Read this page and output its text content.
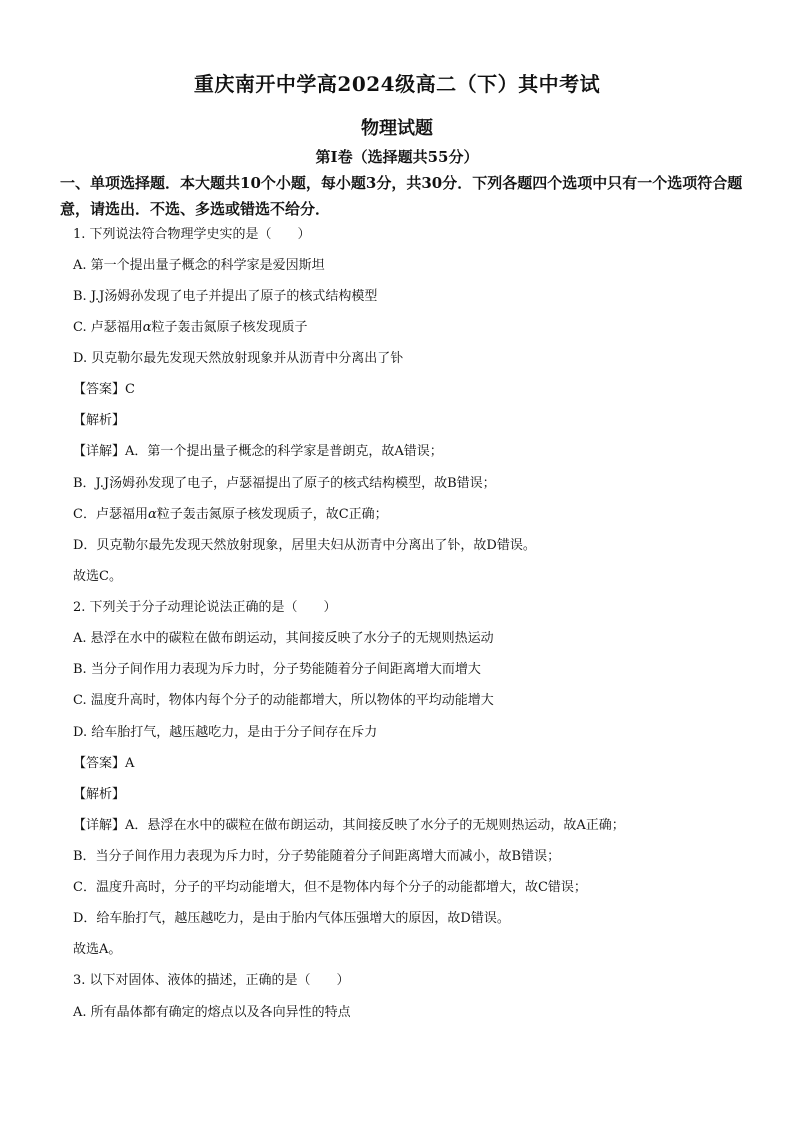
重庆南开中学高2024级高二（下）其中考试
物理试题
第Ⅰ卷（选择题共55分）
一、单项选择题．本大题共10个小题，每小题3分，共30分．下列各题四个选项中只有一个选项符合题意，请选出．不选、多选或错选不给分．
1. 下列说法符合物理学史实的是（　　）
A. 第一个提出量子概念的科学家是爱因斯坦
B. J.J汤姆孙发现了电子并提出了原子的核式结构模型
C. 卢瑟福用α粒子轰击氮原子核发现质子
D. 贝克勒尔最先发现天然放射现象并从沥青中分离出了钋
【答案】C
【解析】
【详解】A．第一个提出量子概念的科学家是普朗克，故A错误；
B．J.J汤姆孙发现了电子，卢瑟福提出了原子的核式结构模型，故B错误；
C．卢瑟福用α粒子轰击氮原子核发现质子，故C正确；
D．贝克勒尔最先发现天然放射现象，居里夫妇从沥青中分离出了钋，故D错误。
故选C。
2. 下列关于分子动理论说法正确的是（　　）
A. 悬浮在水中的碳粒在做布朗运动，其间接反映了水分子的无规则热运动
B. 当分子间作用力表现为斥力时，分子势能随着分子间距离增大而增大
C. 温度升高时，物体内每个分子的动能都增大，所以物体的平均动能增大
D. 给车胎打气，越压越吃力，是由于分子间存在斥力
【答案】A
【解析】
【详解】A．悬浮在水中的碳粒在做布朗运动，其间接反映了水分子的无规则热运动，故A正确；
B．当分子间作用力表现为斥力时，分子势能随着分子间距离增大而减小，故B错误；
C．温度升高时，分子的平均动能增大，但不是物体内每个分子的动能都增大，故C错误；
D．给车胎打气，越压越吃力，是由于胎内气体压强增大的原因，故D错误。
故选A。
3. 以下对固体、液体的描述，正确的是（　　）
A. 所有晶体都有确定的熔点以及各向异性的特点
